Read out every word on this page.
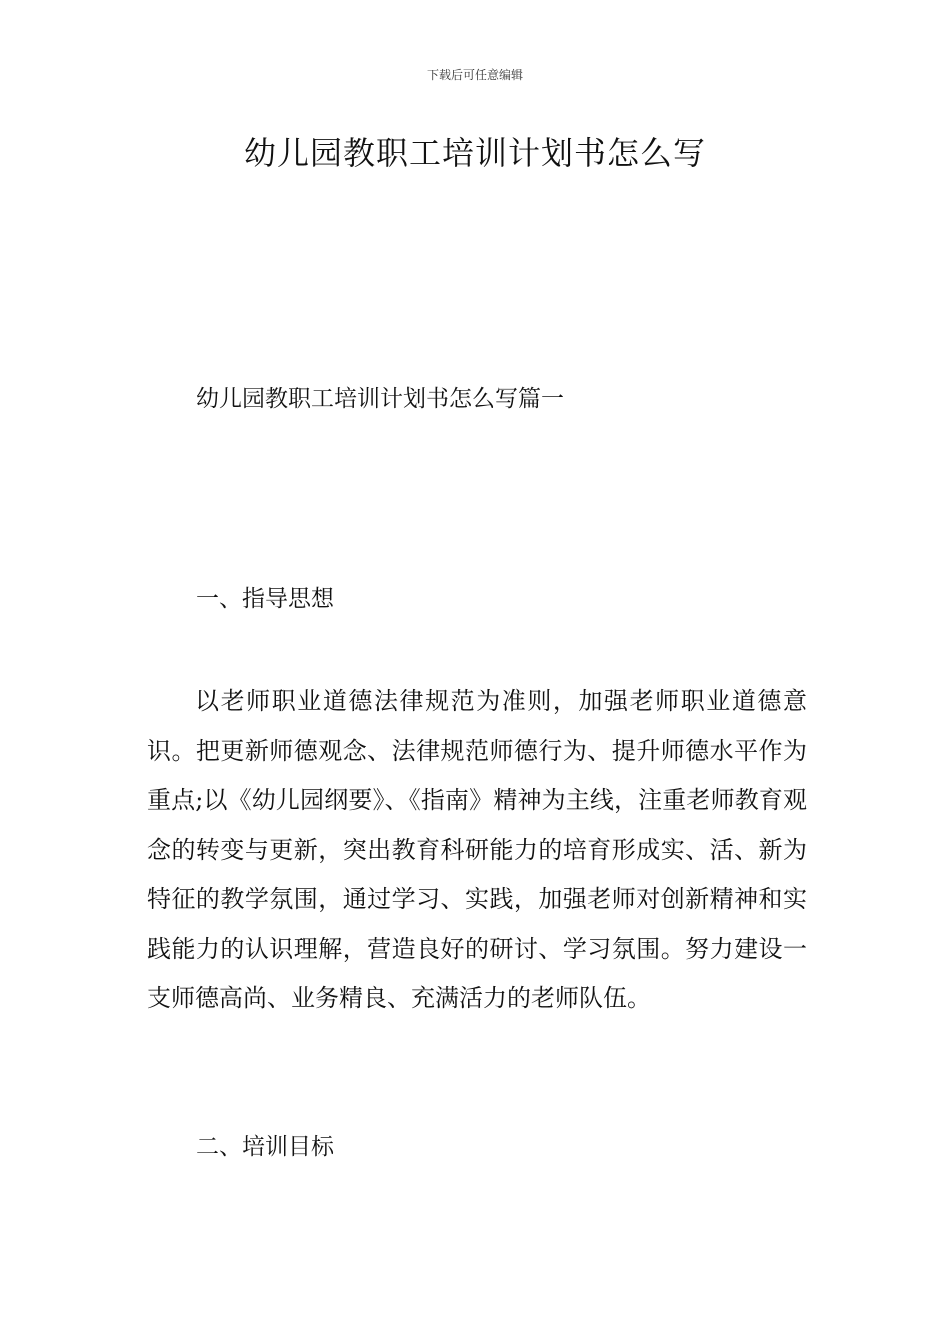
下载后可任意编辑
幼儿园教职工培训计划书怎么写
幼儿园教职工培训计划书怎么写篇一
一、指导思想

以老师职业道德法律规范为准则，加强老师职业道德意识。把更新师德观念、法律规范师德行为、提升师德水平作为重点;以《幼儿园纲要》、《指南》精神为主线，注重老师教育观念的转变与更新，突出教育科研能力的培育形成实、活、新为特征的教学氛围，通过学习、实践，加强老师对创新精神和实践能力的认识理解，营造良好的研讨、学习氛围。努力建设一支师德高尚、业务精良、充满活力的老师队伍。

二、培训目标
